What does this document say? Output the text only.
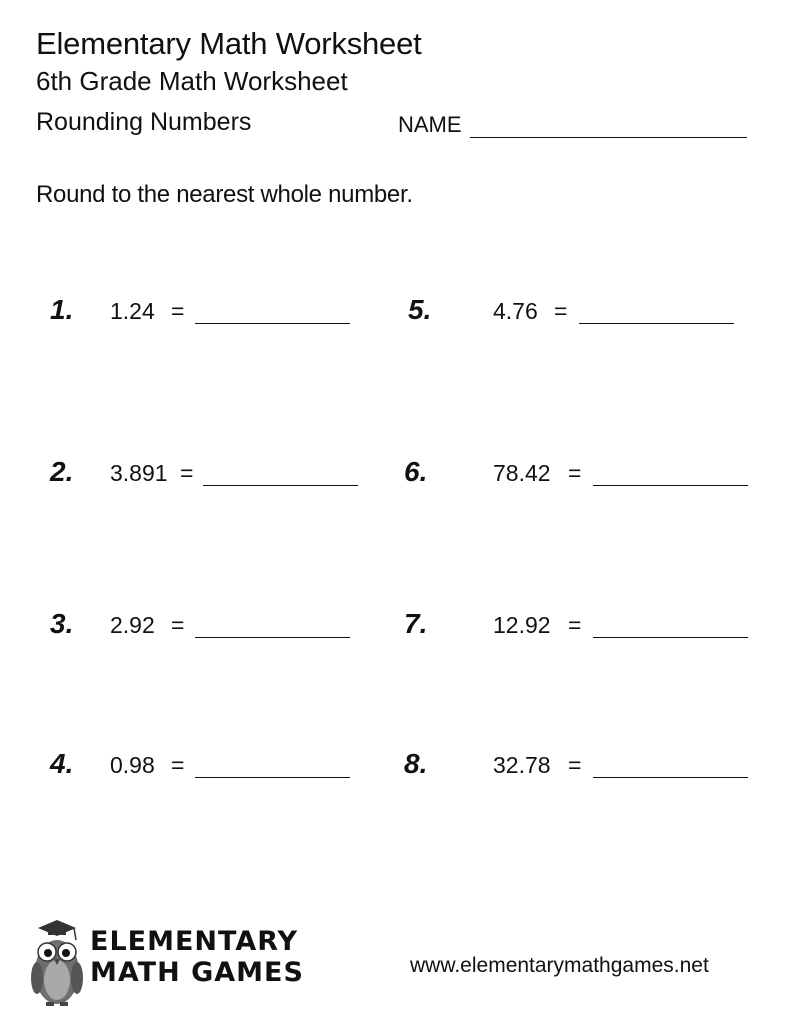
Elementary Math Worksheet
6th Grade Math Worksheet
Rounding Numbers	NAME
Round to the nearest whole number.
1. 1.24 =
2. 3.891 =
3. 2.92 =
4. 0.98 =
5.	4.76 =
6.	78.42 =
7.	12.92 =
8.	32.78 =
ELEMENTARY
MATH GAMES	www.elementarymathgames.net
